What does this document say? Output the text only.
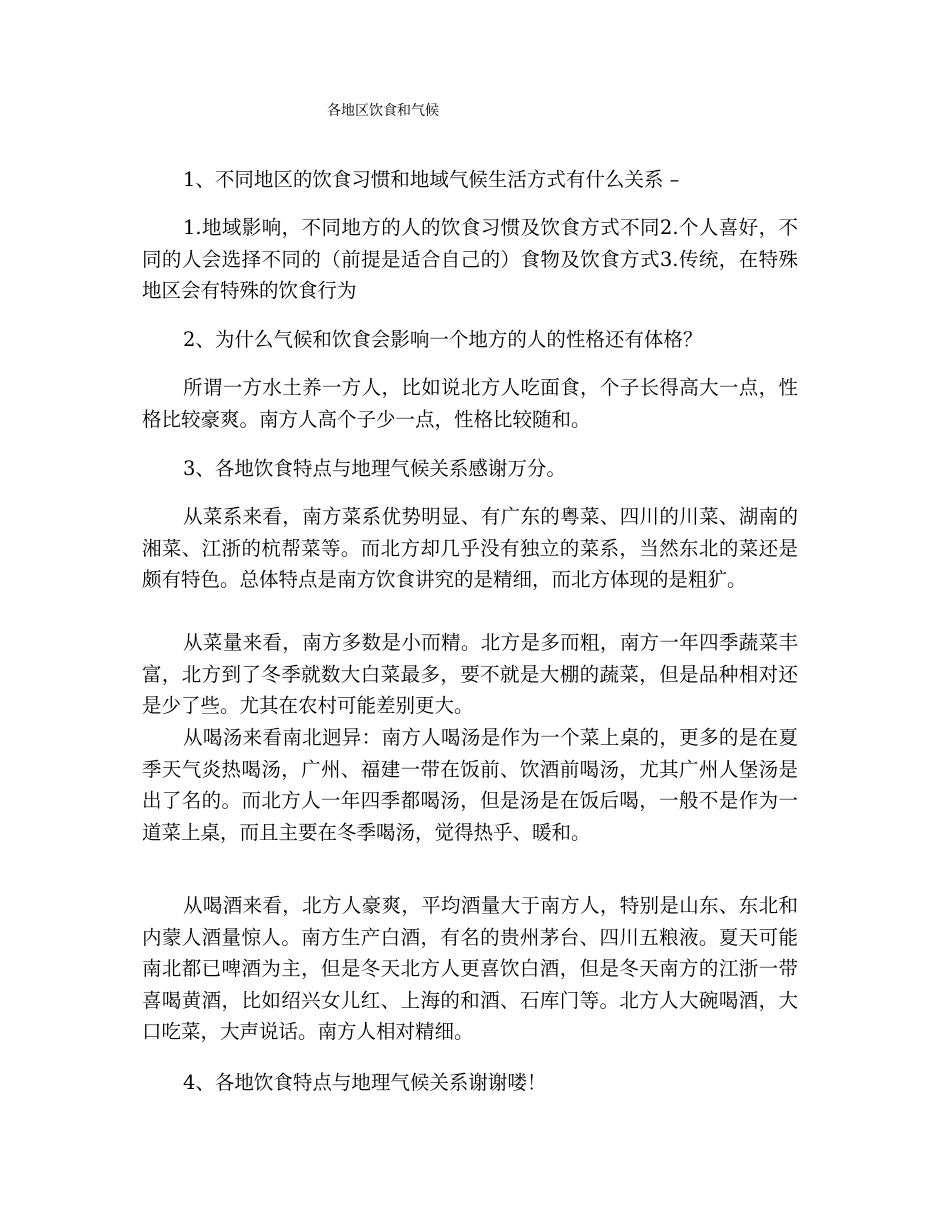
各地区饮食和气候

1、不同地区的饮食习惯和地域气候生活方式有什么关系 –

1.地域影响，不同地方的人的饮食习惯及饮食方式不同2.个人喜好，不同的人会选择不同的（前提是适合自己的）食物及饮食方式3.传统，在特殊地区会有特殊的饮食行为

2、为什么气候和饮食会影响一个地方的人的性格还有体格？

所谓一方水土养一方人，比如说北方人吃面食，个子长得高大一点，性格比较豪爽。南方人高个子少一点，性格比较随和。

3、各地饮食特点与地理气候关系感谢万分。

从菜系来看，南方菜系优势明显、有广东的粤菜、四川的川菜、湖南的湘菜、江浙的杭帮菜等。而北方却几乎没有独立的菜系，当然东北的菜还是颇有特色。总体特点是南方饮食讲究的是精细，而北方体现的是粗犷。

从菜量来看，南方多数是小而精。北方是多而粗，南方一年四季蔬菜丰富，北方到了冬季就数大白菜最多，要不就是大棚的蔬菜，但是品种相对还是少了些。尤其在农村可能差别更大。

从喝汤来看南北迥异：南方人喝汤是作为一个菜上桌的，更多的是在夏季天气炎热喝汤，广州、福建一带在饭前、饮酒前喝汤，尤其广州人堡汤是出了名的。而北方人一年四季都喝汤，但是汤是在饭后喝，一般不是作为一道菜上桌，而且主要在冬季喝汤，觉得热乎、暖和。

从喝酒来看，北方人豪爽，平均酒量大于南方人，特别是山东、东北和内蒙人酒量惊人。南方生产白酒，有名的贵州茅台、四川五粮液。夏天可能南北都已啤酒为主，但是冬天北方人更喜饮白酒，但是冬天南方的江浙一带喜喝黄酒，比如绍兴女儿红、上海的和酒、石库门等。北方人大碗喝酒，大口吃菜，大声说话。南方人相对精细。

4、各地饮食特点与地理气候关系谢谢喽！
